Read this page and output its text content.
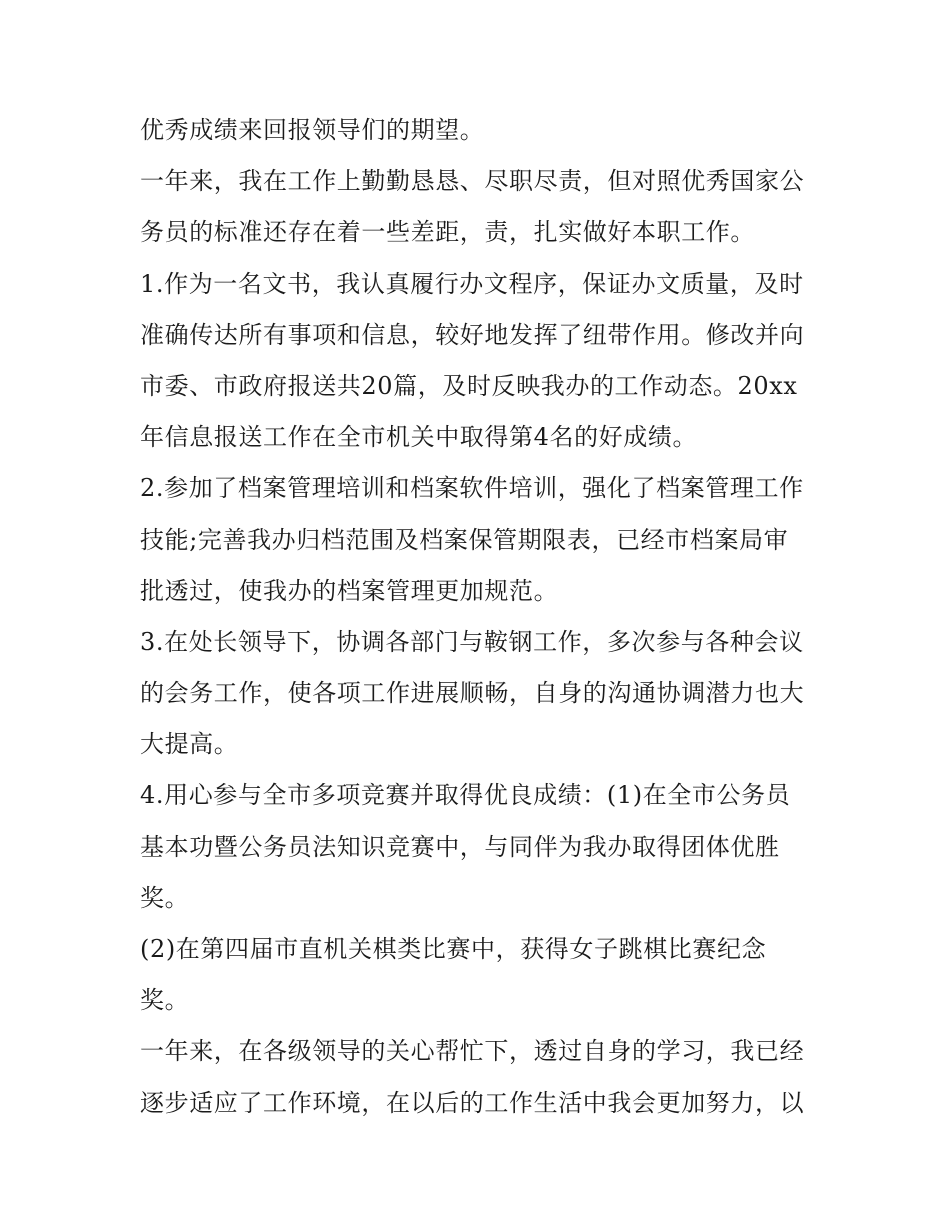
优秀成绩来回报领导们的期望。
一年来，我在工作上勤勤恳恳、尽职尽责，但对照优秀国家公
务员的标准还存在着一些差距，责，扎实做好本职工作。
1.作为一名文书，我认真履行办文程序，保证办文质量，及时
准确传达所有事项和信息，较好地发挥了纽带作用。修改并向
市委、市政府报送共20篇，及时反映我办的工作动态。20xx
年信息报送工作在全市机关中取得第4名的好成绩。
2.参加了档案管理培训和档案软件培训，强化了档案管理工作
技能;完善我办归档范围及档案保管期限表，已经市档案局审
批透过，使我办的档案管理更加规范。
3.在处长领导下，协调各部门与鞍钢工作，多次参与各种会议
的会务工作，使各项工作进展顺畅，自身的沟通协调潜力也大
大提高。
4.用心参与全市多项竞赛并取得优良成绩：(1)在全市公务员
基本功暨公务员法知识竞赛中，与同伴为我办取得团体优胜
奖。
(2)在第四届市直机关棋类比赛中，获得女子跳棋比赛纪念
奖。
一年来，在各级领导的关心帮忙下，透过自身的学习，我已经
逐步适应了工作环境，在以后的工作生活中我会更加努力，以
